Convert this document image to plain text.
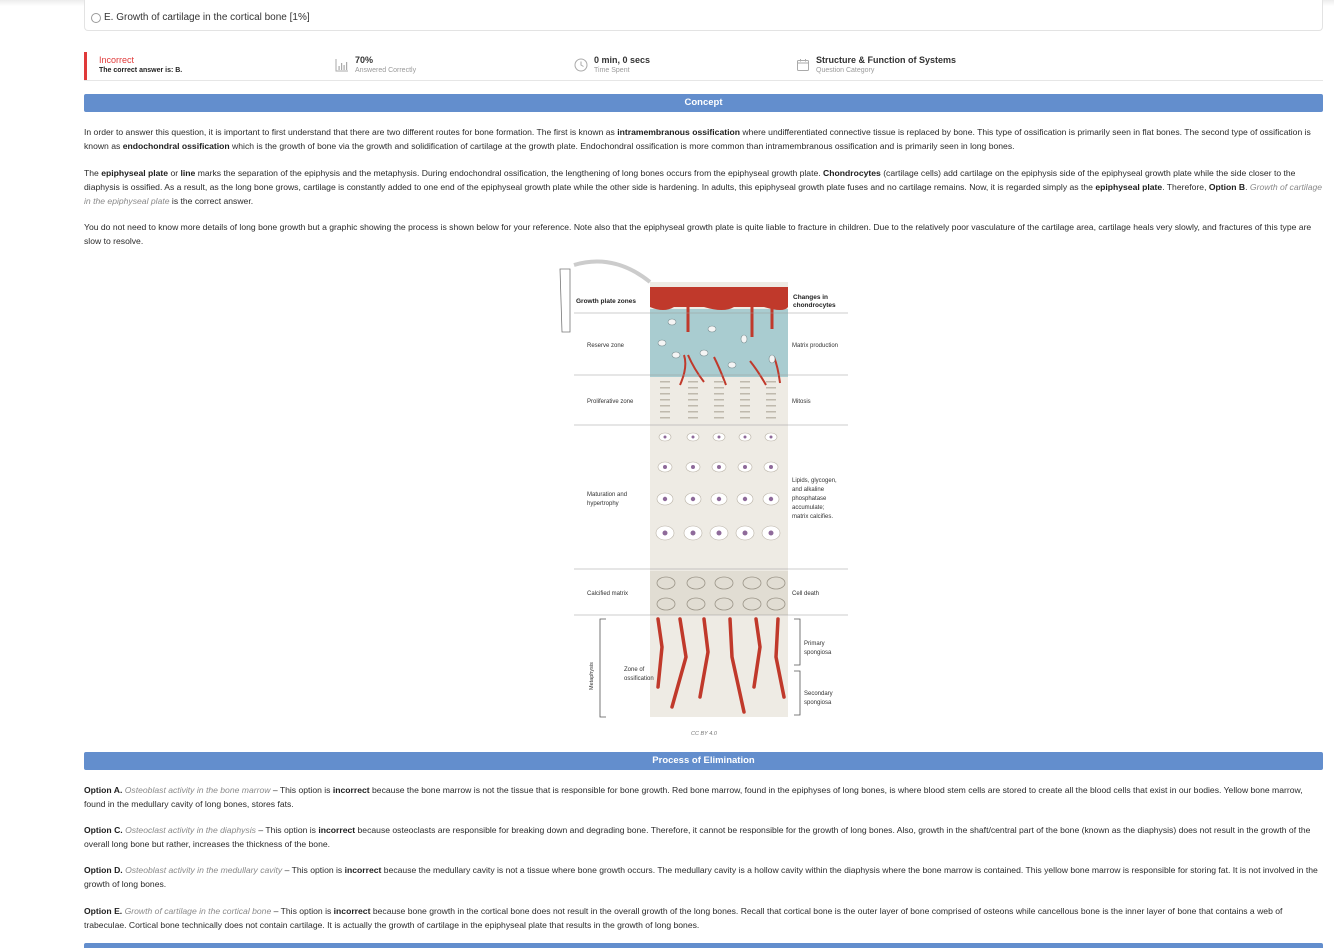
E. Growth of cartilage in the cortical bone [1%]
Incorrect
The correct answer is: B.
70%
Answered Correctly
0 min, 0 secs
Time Spent
Structure & Function of Systems
Question Category
Concept

In order to answer this question, it is important to first understand that there are two different routes for bone formation. The first is known as intramembranous ossification where undifferentiated connective tissue is replaced by bone. This type of ossification is primarily seen in flat bones. The second type of ossification is known as endochondral ossification which is the growth of bone via the growth and solidification of cartilage at the growth plate. Endochondral ossification is more common than intramembranous ossification and is primarily seen in long bones.

The epiphyseal plate or line marks the separation of the epiphysis and the metaphysis. During endochondral ossification, the lengthening of long bones occurs from the epiphyseal growth plate. Chondrocytes (cartilage cells) add cartilage on the epiphysis side of the epiphyseal growth plate while the side closer to the diaphysis is ossified. As a result, as the long bone grows, cartilage is constantly added to one end of the epiphyseal growth plate while the other side is hardening. In adults, this epiphyseal growth plate fuses and no cartilage remains. Now, it is regarded simply as the epiphyseal plate. Therefore, Option B. Growth of cartilage in the epiphyseal plate is the correct answer.

You do not need to know more details of long bone growth but a graphic showing the process is shown below for your reference. Note also that the epiphyseal growth plate is quite liable to fracture in children. Due to the relatively poor vasculature of the cartilage area, cartilage heals very slowly, and fractures of this type are slow to resolve.

Growth plate zones
Changes in
chondrocytes
Reserve zone	Matrix production
Proliferative zone	Mitosis
Maturation and
hypertrophy
Lipids, glycogen,
and alkaline
phosphatase
accumulate;
matrix calcifies.
Calcified matrix	Cell death
Metaphysis	Zone of
ossification
Primary
spongiosa
Secondary
spongiosa
CC BY 4.0
Process of Elimination

Option A. Osteoblast activity in the bone marrow – This option is incorrect because the bone marrow is not the tissue that is responsible for bone growth. Red bone marrow, found in the epiphyses of long bones, is where blood stem cells are stored to create all the blood cells that exist in our bodies. Yellow bone marrow, found in the medullary cavity of long bones, stores fats.

Option C. Osteoclast activity in the diaphysis – This option is incorrect because osteoclasts are responsible for breaking down and degrading bone. Therefore, it cannot be responsible for the growth of long bones. Also, growth in the shaft/central part of the bone (known as the diaphysis) does not result in the growth of the overall long bone but rather, increases the thickness of the bone.

Option D. Osteoblast activity in the medullary cavity – This option is incorrect because the medullary cavity is not a tissue where bone growth occurs. The medullary cavity is a hollow cavity within the diaphysis where the bone marrow is contained. This yellow bone marrow is responsible for storing fat. It is not involved in the growth of long bones.

Option E. Growth of cartilage in the cortical bone – This option is incorrect because bone growth in the cortical bone does not result in the overall growth of the long bones. Recall that cortical bone is the outer layer of bone comprised of osteons while cancellous bone is the inner layer of bone that contains a web of trabeculae. Cortical bone technically does not contain cartilage. It is actually the growth of cartilage in the epiphyseal plate that results in the growth of long bones.
